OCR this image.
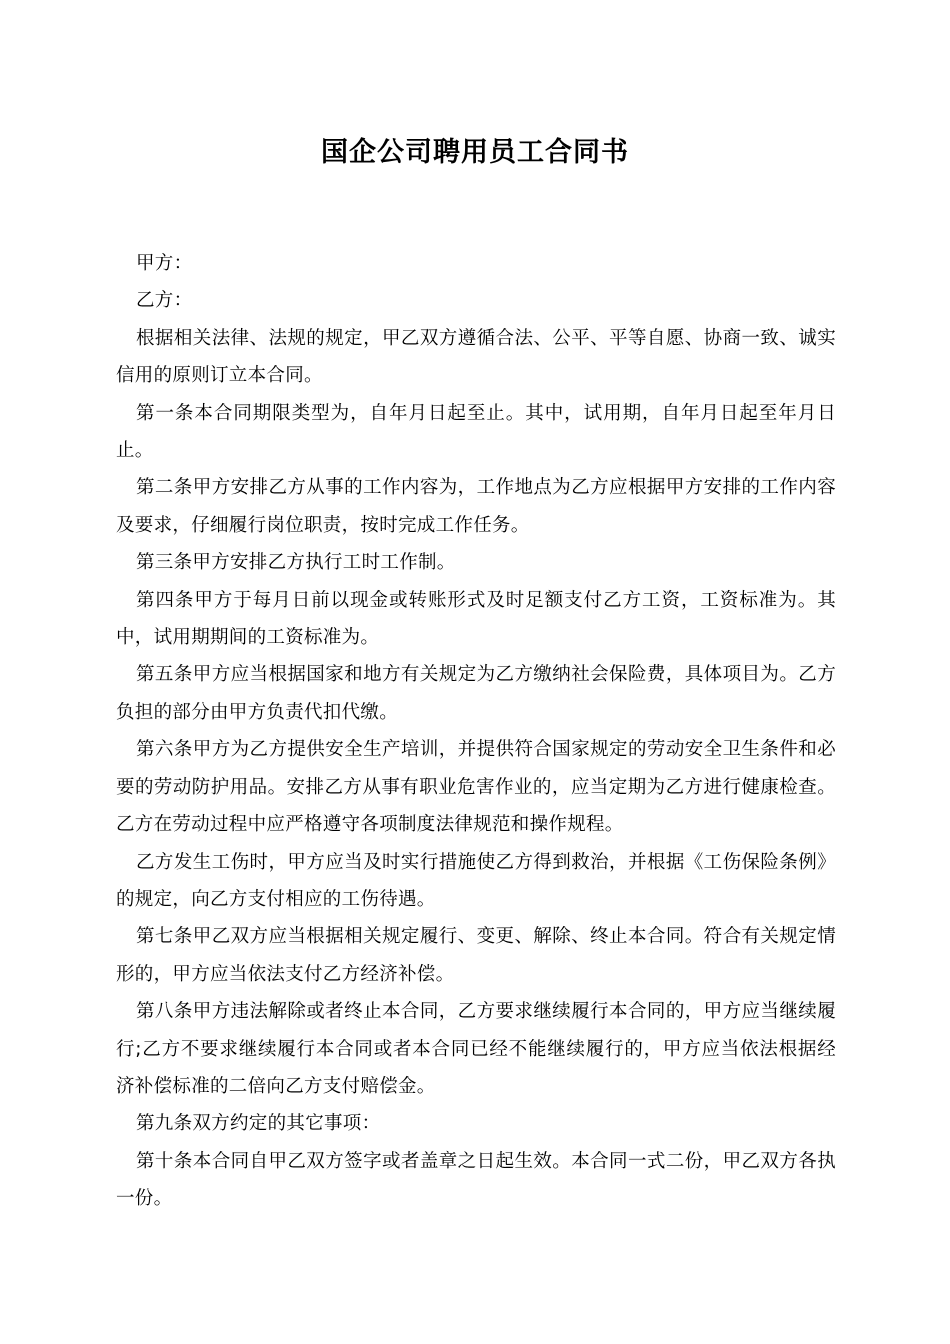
国企公司聘用员工合同书

甲方：

乙方：

根据相关法律、法规的规定，甲乙双方遵循合法、公平、平等自愿、协商一致、诚实信用的原则订立本合同。

第一条本合同期限类型为，自年月日起至止。其中，试用期，自年月日起至年月日止。

第二条甲方安排乙方从事的工作内容为，工作地点为乙方应根据甲方安排的工作内容及要求，仔细履行岗位职责，按时完成工作任务。

第三条甲方安排乙方执行工时工作制。

第四条甲方于每月日前以现金或转账形式及时足额支付乙方工资，工资标准为。其中，试用期期间的工资标准为。

第五条甲方应当根据国家和地方有关规定为乙方缴纳社会保险费，具体项目为。乙方负担的部分由甲方负责代扣代缴。

第六条甲方为乙方提供安全生产培训，并提供符合国家规定的劳动安全卫生条件和必要的劳动防护用品。安排乙方从事有职业危害作业的，应当定期为乙方进行健康检查。乙方在劳动过程中应严格遵守各项制度法律规范和操作规程。

乙方发生工伤时，甲方应当及时实行措施使乙方得到救治，并根据《工伤保险条例》的规定，向乙方支付相应的工伤待遇。

第七条甲乙双方应当根据相关规定履行、变更、解除、终止本合同。符合有关规定情形的，甲方应当依法支付乙方经济补偿。

第八条甲方违法解除或者终止本合同，乙方要求继续履行本合同的，甲方应当继续履行;乙方不要求继续履行本合同或者本合同已经不能继续履行的，甲方应当依法根据经济补偿标准的二倍向乙方支付赔偿金。

第九条双方约定的其它事项：

第十条本合同自甲乙双方签字或者盖章之日起生效。本合同一式二份，甲乙双方各执一份。
